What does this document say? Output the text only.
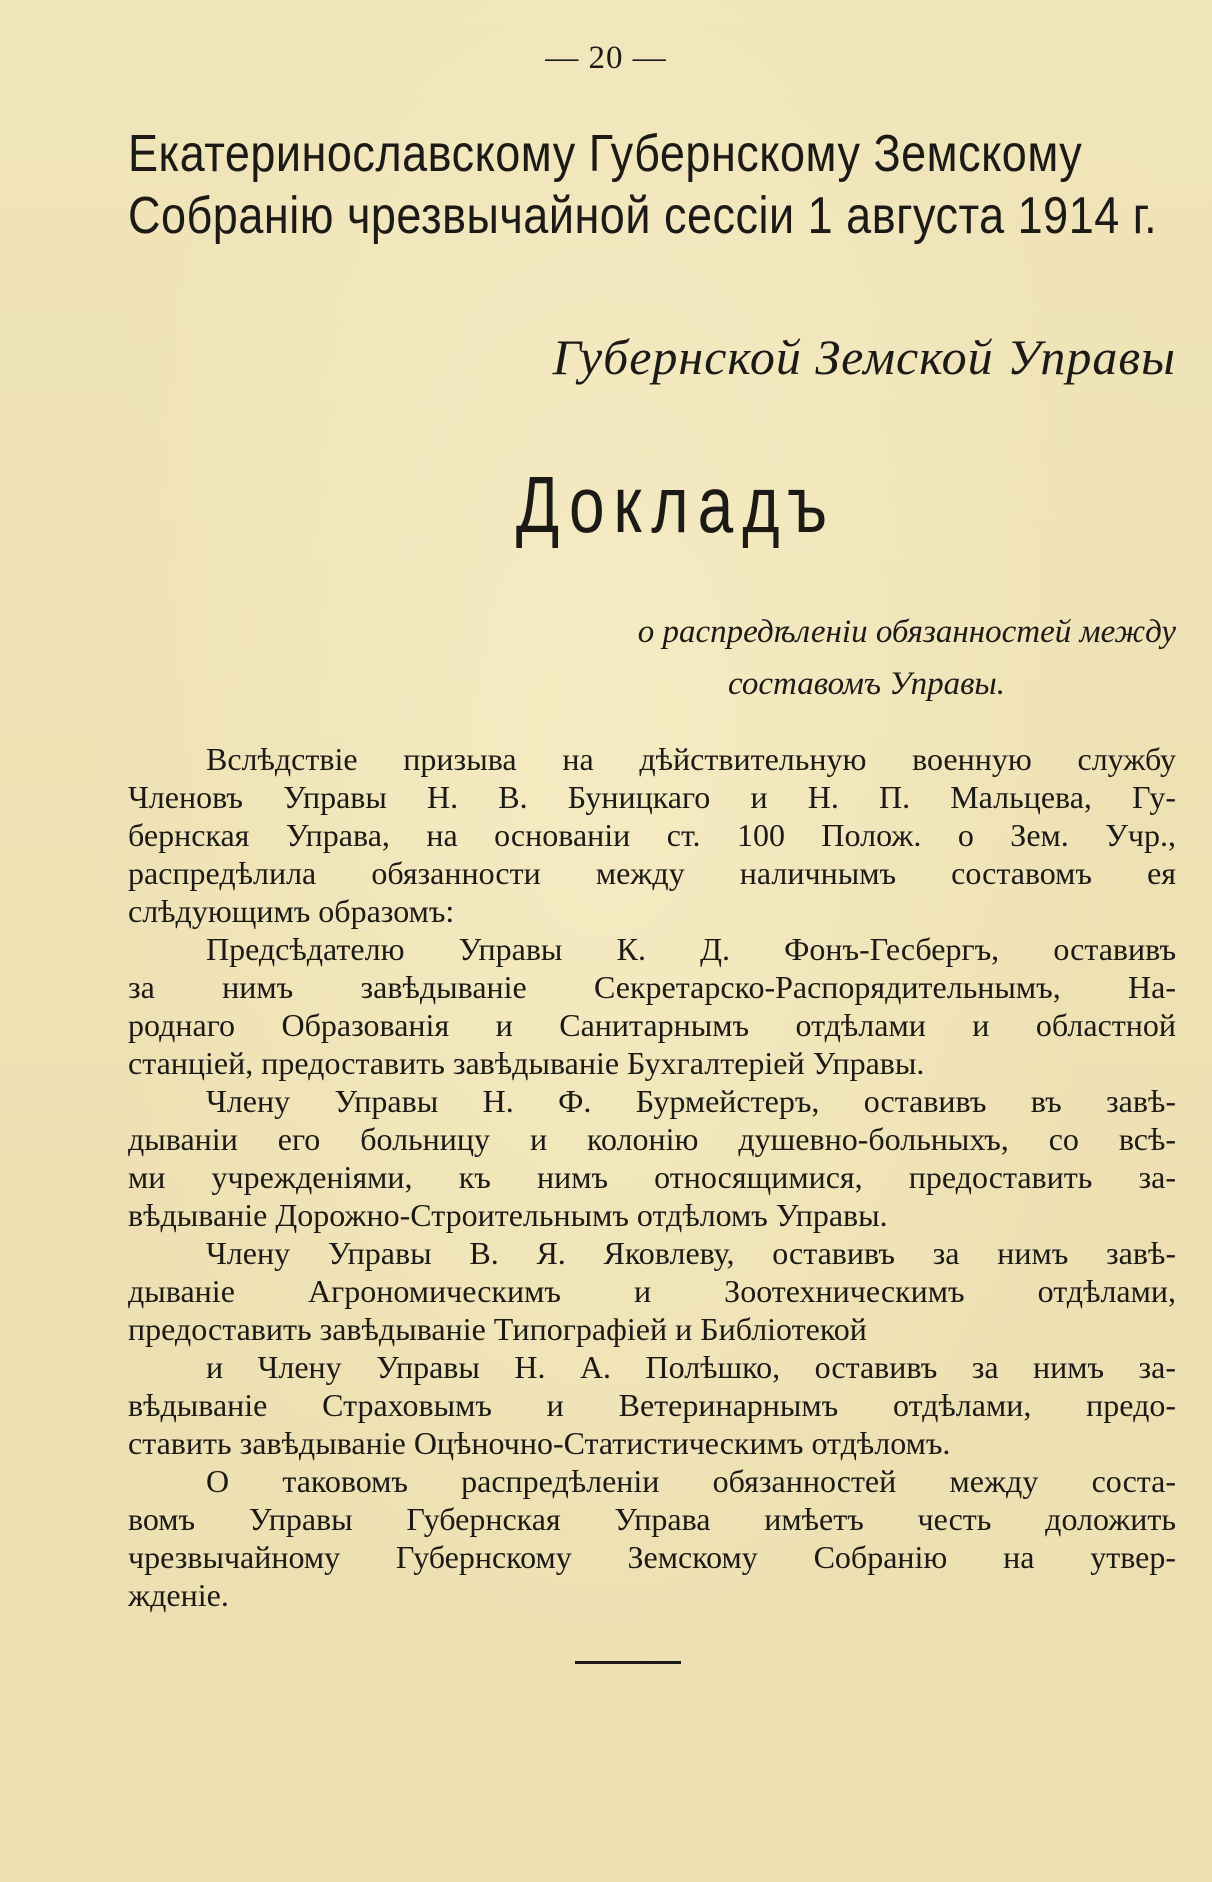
— 20 —
Екатеринославскому Губернскому Земскому
Собранію чрезвычайной сессіи 1 августа 1914 г.
Губернской Земской Управы
Докладъ
о распредѣленіи обязанностей между
составомъ Управы.
Вслѣдствіе призыва на дѣйствительную военную службу
Членовъ Управы Н. В. Буницкаго и Н. П. Мальцева, Гу-
бернская Управа, на основаніи ст. 100 Полож. о Зем. Учр.,
распредѣлила обязанности между наличнымъ составомъ ея
слѣдующимъ образомъ:
Предсѣдателю Управы К. Д. Фонъ-Гесбергъ, оставивъ
за нимъ завѣдываніе Секретарско-Распорядительнымъ, На-
роднаго Образованія и Санитарнымъ отдѣлами и областной
станціей, предоставить завѣдываніе Бухгалтеріей Управы.
Члену Управы Н. Ф. Бурмейстеръ, оставивъ въ завѣ-
дываніи его больницу и колонію душевно-больныхъ, со всѣ-
ми учрежденіями, къ нимъ относящимися, предоставить за-
вѣдываніе Дорожно-Строительнымъ отдѣломъ Управы.
Члену Управы В. Я. Яковлеву, оставивъ за нимъ завѣ-
дываніе Агрономическимъ и Зоотехническимъ отдѣлами,
предоставить завѣдываніе Типографіей и Библіотекой
и Члену Управы Н. А. Полѣшко, оставивъ за нимъ за-
вѣдываніе Страховымъ и Ветеринарнымъ отдѣлами, предо-
ставить завѣдываніе Оцѣночно-Статистическимъ отдѣломъ.
О таковомъ распредѣленіи обязанностей между соста-
вомъ Управы Губернская Управа имѣетъ честь доложить
чрезвычайному Губернскому Земскому Собранію на утвер-
жденіе.
